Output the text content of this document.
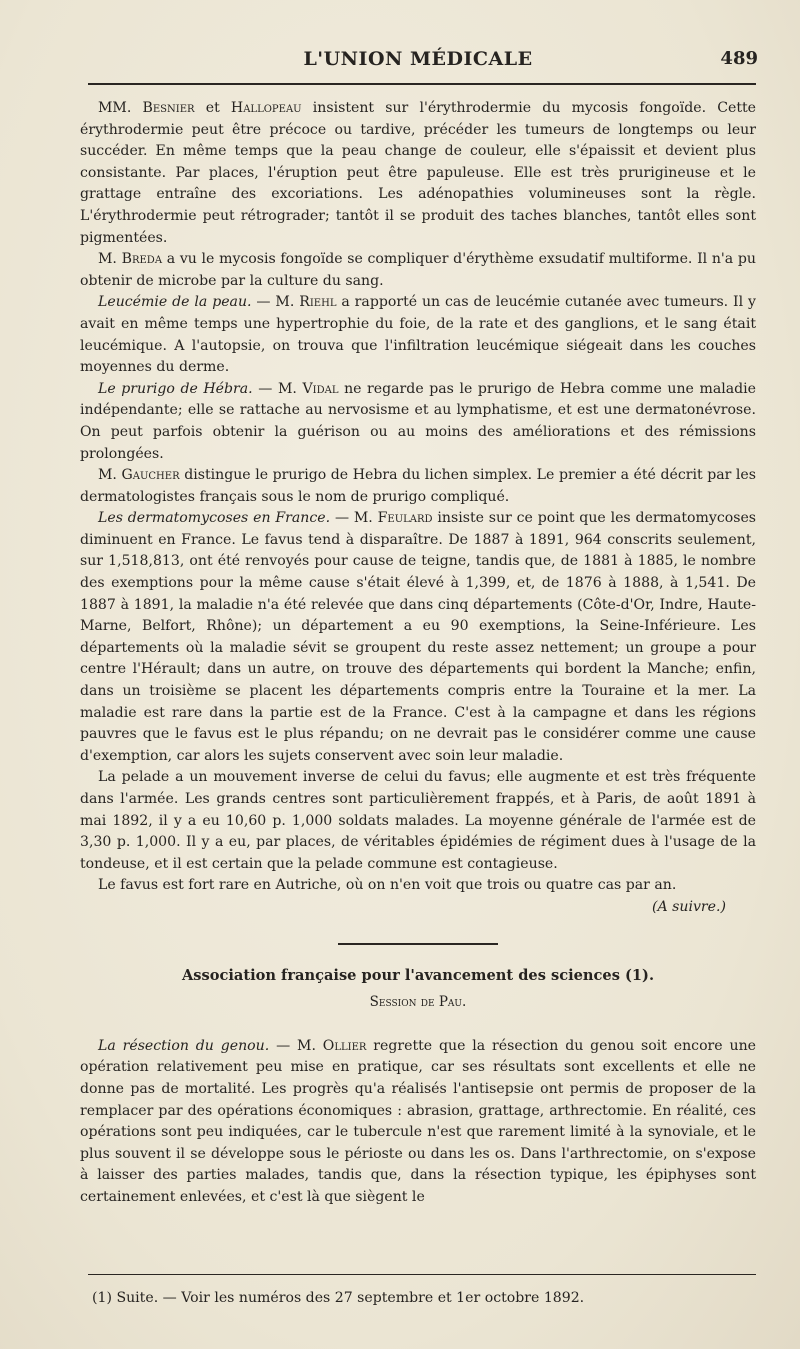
L'UNION MÉDICALE	489

MM. Besnier et Hallopeau insistent sur l'érythrodermie du mycosis fongoïde. Cette érythrodermie peut être précoce ou tardive, précéder les tumeurs de longtemps ou leur succéder. En même temps que la peau change de couleur, elle s'épaissit et devient plus consistante. Par places, l'éruption peut être papuleuse. Elle est très prurigineuse et le grattage entraîne des excoriations. Les adénopathies volumineuses sont la règle. L'érythrodermie peut rétrograder; tantôt il se produit des taches blanches, tantôt elles sont pigmentées.

M. Breda a vu le mycosis fongoïde se compliquer d'érythème exsudatif multiforme. Il n'a pu obtenir de microbe par la culture du sang.

Leucémie de la peau. — M. Riehl a rapporté un cas de leucémie cutanée avec tumeurs. Il y avait en même temps une hypertrophie du foie, de la rate et des ganglions, et le sang était leucémique. A l'autopsie, on trouva que l'infiltration leucémique siégeait dans les couches moyennes du derme.

Le prurigo de Hébra. — M. Vidal ne regarde pas le prurigo de Hebra comme une maladie indépendante; elle se rattache au nervosisme et au lymphatisme, et est une dermatonévrose. On peut parfois obtenir la guérison ou au moins des améliorations et des rémissions prolongées.

M. Gaucher distingue le prurigo de Hebra du lichen simplex. Le premier a été décrit par les dermatologistes français sous le nom de prurigo compliqué.

Les dermatomycoses en France. — M. Feulard insiste sur ce point que les dermatomycoses diminuent en France. Le favus tend à disparaître. De 1887 à 1891, 964 conscrits seulement, sur 1,518,813, ont été renvoyés pour cause de teigne, tandis que, de 1881 à 1885, le nombre des exemptions pour la même cause s'était élevé à 1,399, et, de 1876 à 1888, à 1,541. De 1887 à 1891, la maladie n'a été relevée que dans cinq départements (Côte-d'Or, Indre, Haute-Marne, Belfort, Rhône); un département a eu 90 exemptions, la Seine-Inférieure. Les départements où la maladie sévit se groupent du reste assez nettement; un groupe a pour centre l'Hérault; dans un autre, on trouve des départements qui bordent la Manche; enfin, dans un troisième se placent les départements compris entre la Touraine et la mer. La maladie est rare dans la partie est de la France. C'est à la campagne et dans les régions pauvres que le favus est le plus répandu; on ne devrait pas le considérer comme une cause d'exemption, car alors les sujets conservent avec soin leur maladie.

La pelade a un mouvement inverse de celui du favus; elle augmente et est très fréquente dans l'armée. Les grands centres sont particulièrement frappés, et à Paris, de août 1891 à mai 1892, il y a eu 10,60 p. 1,000 soldats malades. La moyenne générale de l'armée est de 3,30 p. 1,000. Il y a eu, par places, de véritables épidémies de régiment dues à l'usage de la tondeuse, et il est certain que la pelade commune est contagieuse.

Le favus est fort rare en Autriche, où on n'en voit que trois ou quatre cas par an.

(A suivre.)
Association française pour l'avancement des sciences (1).
Session de Pau.

La résection du genou. — M. Ollier regrette que la résection du genou soit encore une opération relativement peu mise en pratique, car ses résultats sont excellents et elle ne donne pas de mortalité. Les progrès qu'a réalisés l'antisepsie ont permis de proposer de la remplacer par des opérations économiques : abrasion, grattage, arthrectomie. En réalité, ces opérations sont peu indiquées, car le tubercule n'est que rarement limité à la synoviale, et le plus souvent il se développe sous le périoste ou dans les os. Dans l'arthrectomie, on s'expose à laisser des parties malades, tandis que, dans la résection typique, les épiphyses sont certainement enlevées, et c'est là que siègent le

(1) Suite. — Voir les numéros des 27 septembre et 1er octobre 1892.
